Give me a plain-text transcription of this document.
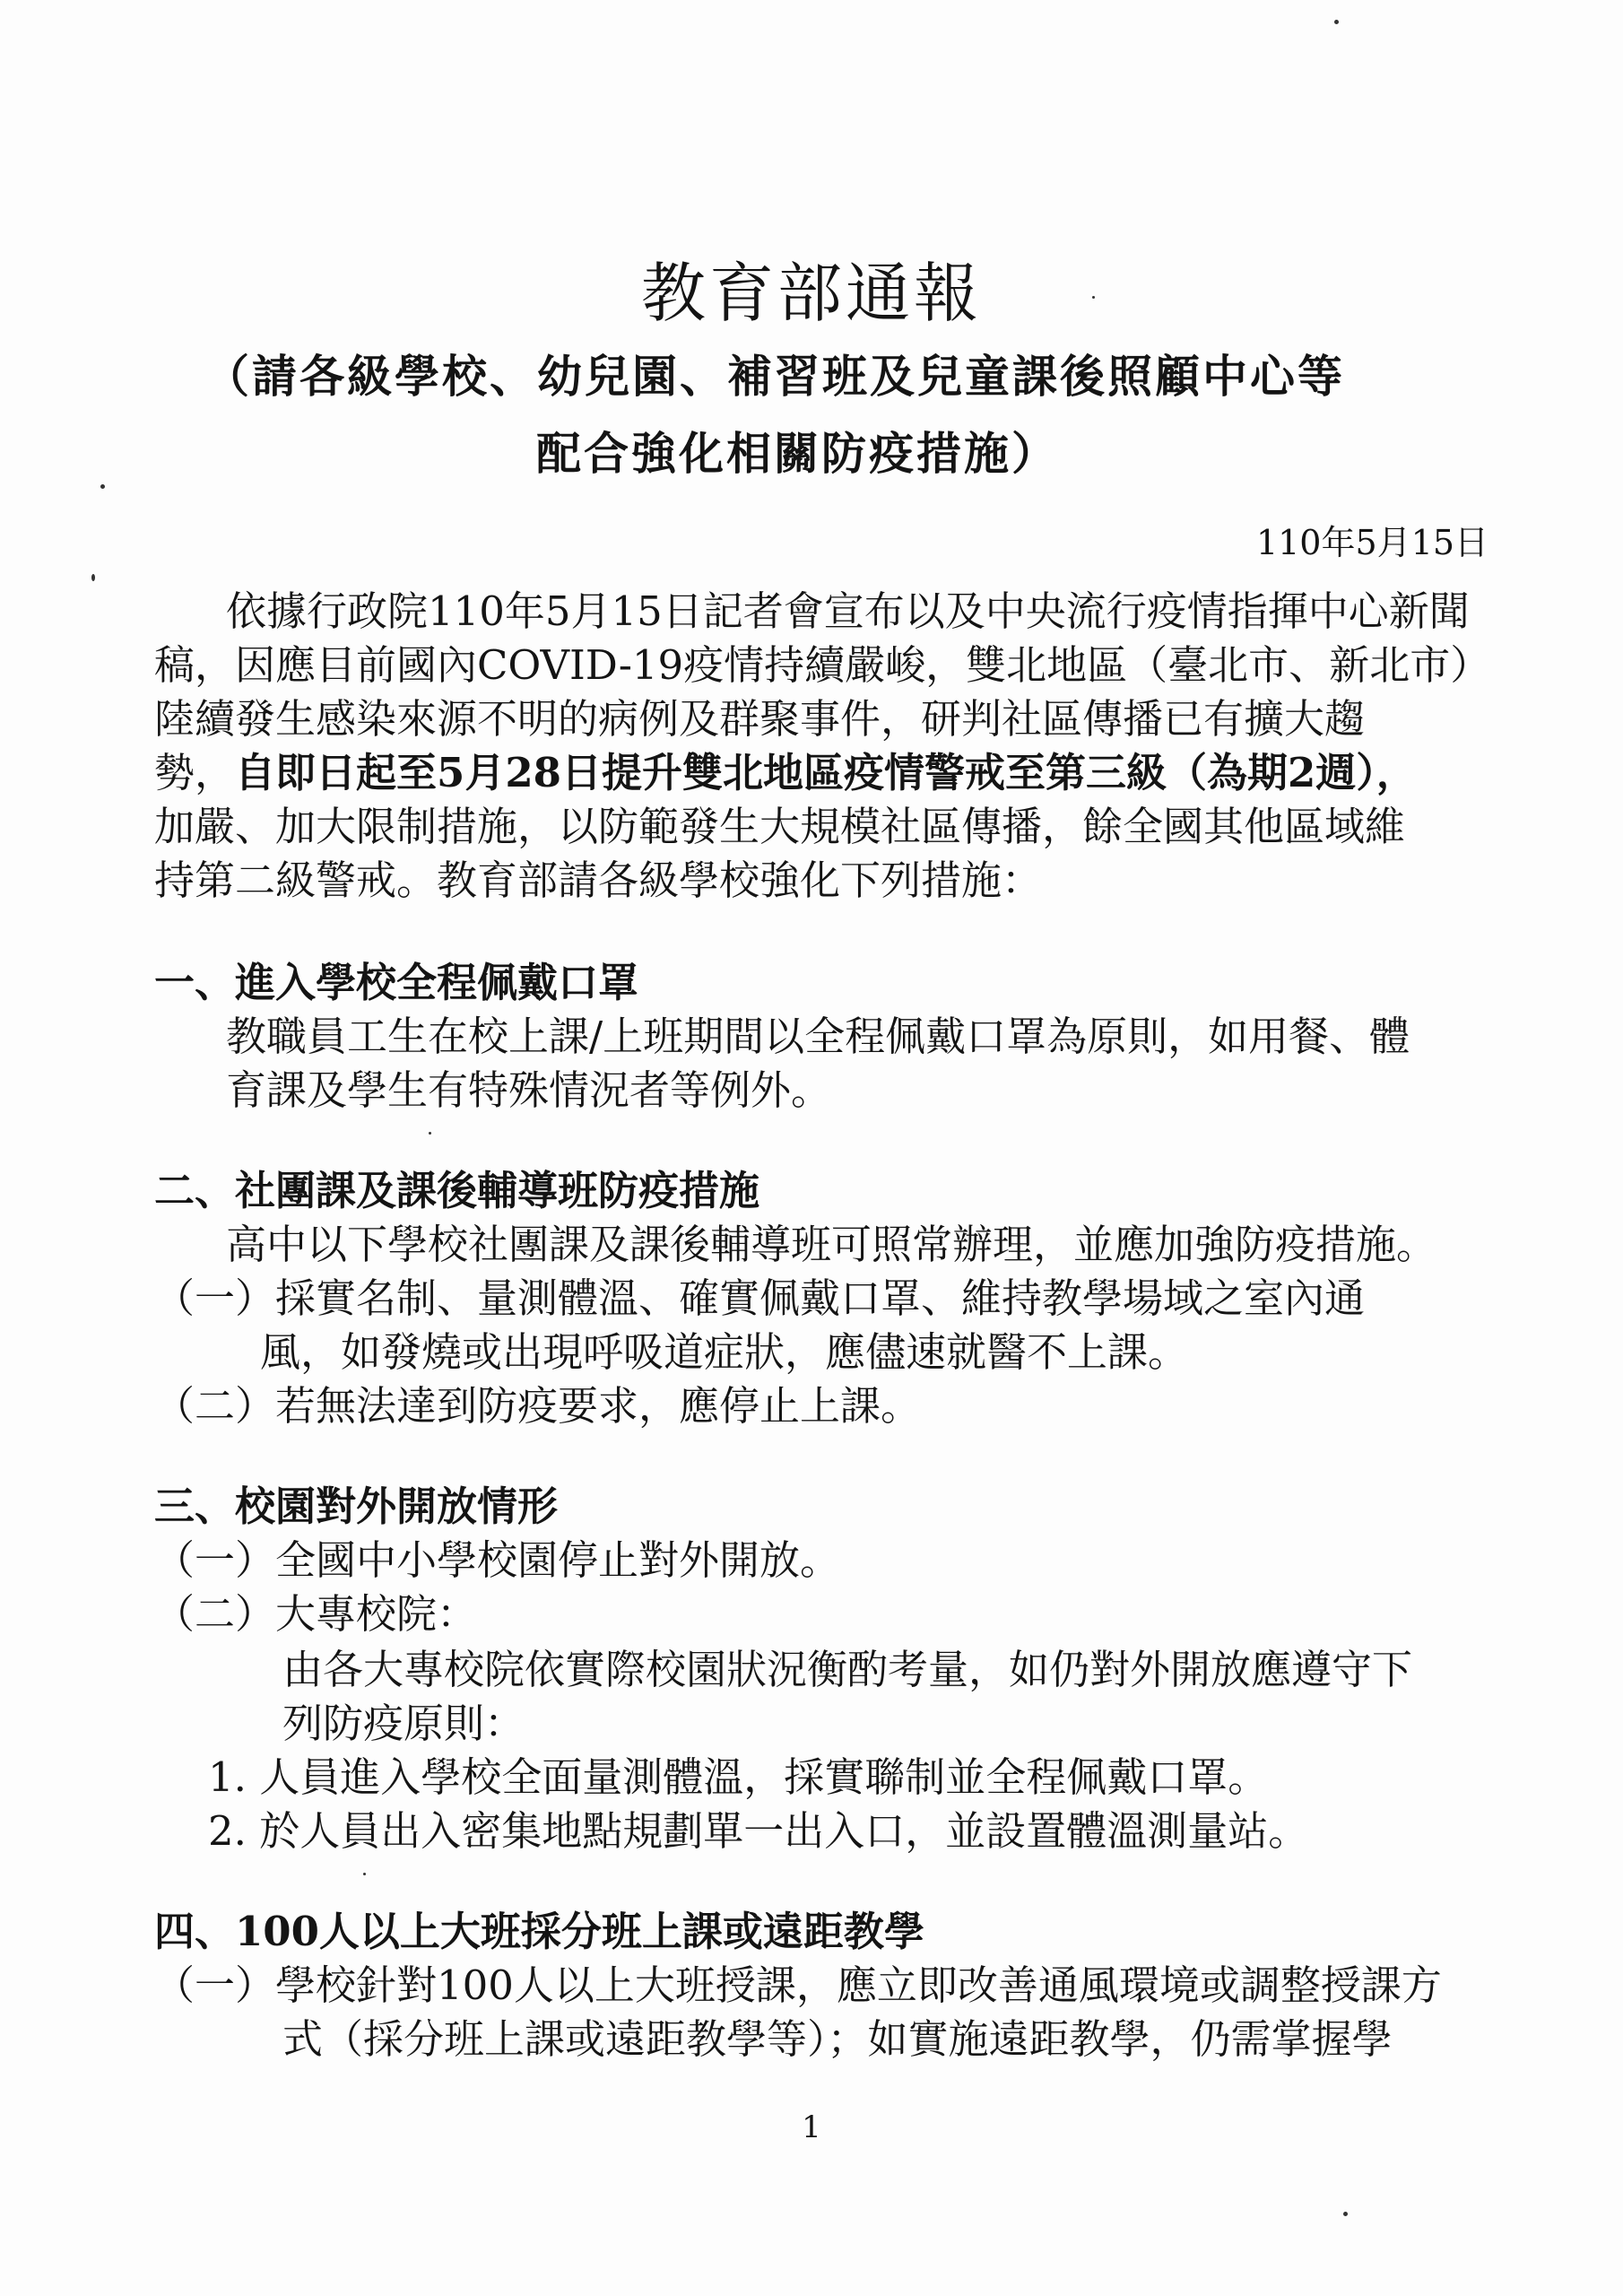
教育部通報
（請各級學校、幼兒園、補習班及兒童課後照顧中心等
配合強化相關防疫措施）
110年5月15日
依據行政院110年5月15日記者會宣布以及中央流行疫情指揮中心新聞
稿，因應目前國內COVID-19疫情持續嚴峻，雙北地區（臺北市、新北市）
陸續發生感染來源不明的病例及群聚事件，研判社區傳播已有擴大趨
勢，自即日起至5月28日提升雙北地區疫情警戒至第三級（為期2週），
加嚴、加大限制措施，以防範發生大規模社區傳播，餘全國其他區域維
持第二級警戒。教育部請各級學校強化下列措施：
一、進入學校全程佩戴口罩
教職員工生在校上課/上班期間以全程佩戴口罩為原則，如用餐、體
育課及學生有特殊情況者等例外。
二、社團課及課後輔導班防疫措施
高中以下學校社團課及課後輔導班可照常辦理，並應加強防疫措施。
（一）採實名制、量測體溫、確實佩戴口罩、維持教學場域之室內通
風，如發燒或出現呼吸道症狀，應儘速就醫不上課。
（二）若無法達到防疫要求，應停止上課。
三、校園對外開放情形
（一）全國中小學校園停止對外開放。
（二）大專校院：
由各大專校院依實際校園狀況衡酌考量，如仍對外開放應遵守下
列防疫原則：
1. 人員進入學校全面量測體溫，採實聯制並全程佩戴口罩。
2. 於人員出入密集地點規劃單一出入口，並設置體溫測量站。
四、100人以上大班採分班上課或遠距教學
（一）學校針對100人以上大班授課，應立即改善通風環境或調整授課方
式（採分班上課或遠距教學等）；如實施遠距教學，仍需掌握學
1
